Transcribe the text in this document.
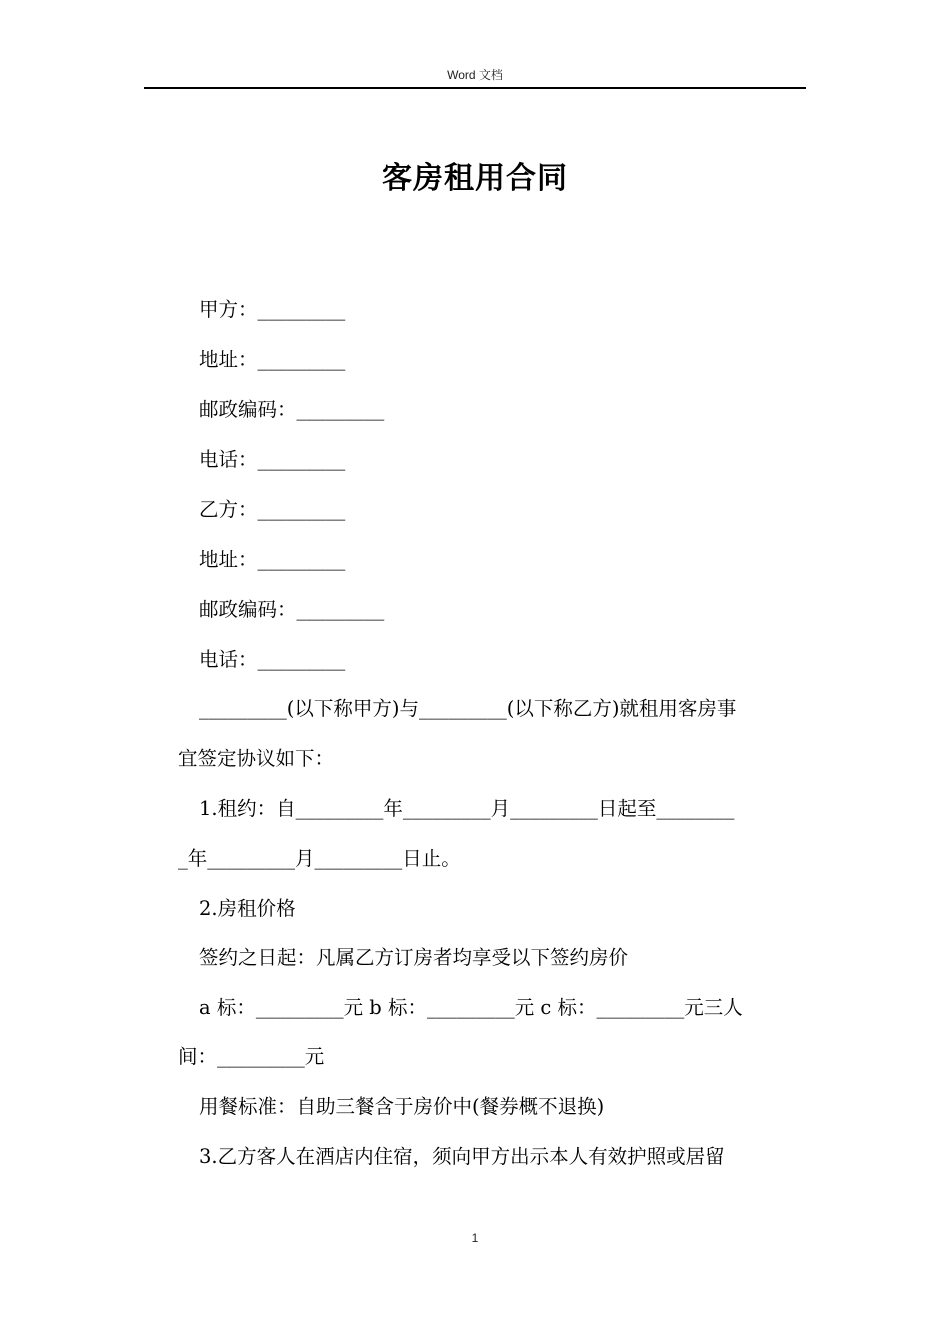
Word 文档
客房租用合同
甲方：_________
地址：_________
邮政编码：_________
电话：_________
乙方：_________
地址：_________
邮政编码：_________
电话：_________
_________(以下称甲方)与_________(以下称乙方)就租用客房事
宜签定协议如下：
1.租约：自_________年_________月_________日起至________
_年_________月_________日止。
2.房租价格
签约之日起：凡属乙方订房者均享受以下签约房价
a 标：_________元 b 标：_________元 c 标：_________元三人
间：_________元
用餐标准：自助三餐含于房价中(餐券概不退换)
3.乙方客人在酒店内住宿，须向甲方出示本人有效护照或居留
1
